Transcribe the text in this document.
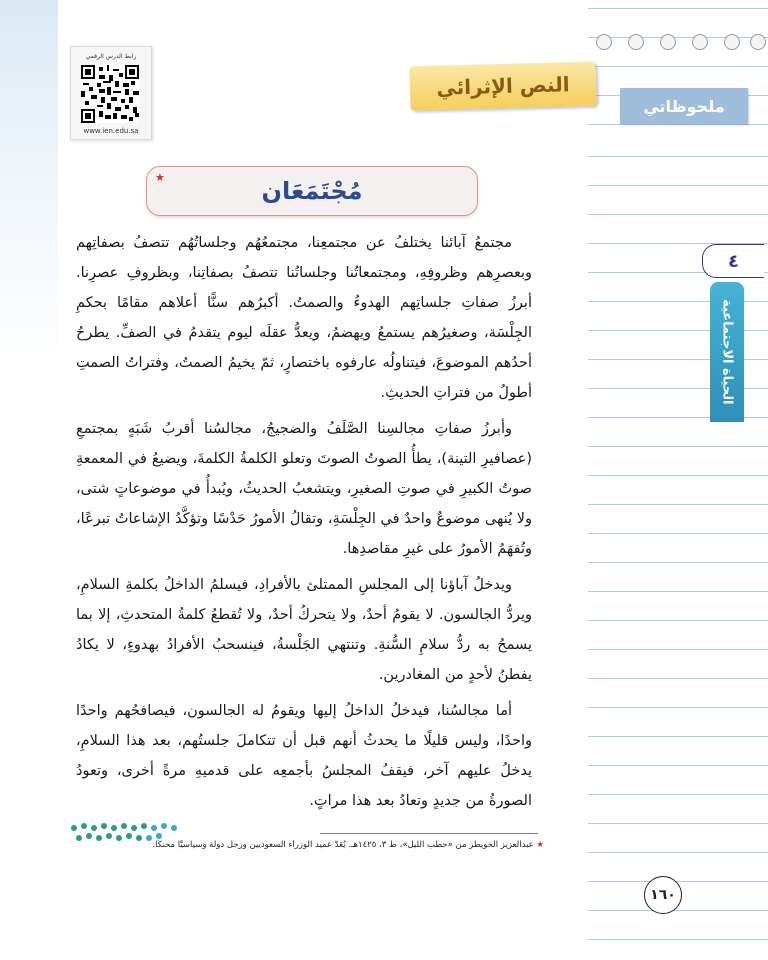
ملحوظاتي
٤
الحياة الاجتماعية
رابط الدرس الرقمي
www.ien.edu.sa
النص الإثرائي
★	مُجْتَمَعَان

مجتمعُ آبائنا يختلفُ عن مجتمعِنا، مجتمعُهُم وجلساتُهُم تتصفُ بصفاتِهم وبعصرِهم وظروفِهِ، ومجتمعاتُنا وجلساتُنا تتصفُ بصفاتِنا، وبظروفِ عصرِنا. أبرزُ صفاتِ جلساتِهم الهدوءُ والصمتُ. أكبرُهم سنًّا أعلاهم مقامًا بحكمِ الجِلْسَة، وصغيرُهم يستمعُ ويهضمُ، ويعدُّ عقلَه ليوم يتقدمُ في الصفِّ. يطرحُ أحدُهم الموضوعَ، فيتناولُه عارفوه باختصارٍ، ثمّ يخيمُ الصمتُ، وفتراتُ الصمتِ أطولُ من فتراتِ الحديثِ.

وأبرزُ صفاتِ مجالسِنا الصَّلَفُ والضجيجُ، مجالسُنا أقربُ شَبَهٍ بمجتمعِ (عصافيرِ التينة)، يطأُ الصوتُ الصوتَ وتعلو الكلمةُ الكلمةَ، ويضيعُ في المعمعةِ صوتُ الكبيرِ في صوتِ الصغيرِ، ويتشعبُ الحديثُ، ويُبدأُ في موضوعاتٍ شتى، ولا يُنهى موضوعٌ واحدٌ في الجِلْسَةِ، وتقالُ الأمورُ حَدْسًا وتؤكَّدُ الإشاعاتُ تبرعًا، وتُفهَمُ الأمورُ على غيرِ مقاصدِها.

ويدخلُ آباؤنا إلى المجلسِ الممتلئ بالأفرادِ، فيسلمُ الداخلُ بكلمةِ السلامِ، ويردُّ الجالسون. لا يقومُ أحدٌ، ولا يتحركُ أحدٌ، ولا تُقطعُ كلمةُ المتحدثِ، إلا بما يسمحُ به ردُّ سلامِ السُّنةِ. وتنتهي الجَلْسةُ، فينسحبُ الأفرادُ بهدوءٍ، لا يكادُ يفطنُ لأحدٍ من المغادرين.

أما مجالسُنا، فيدخلُ الداخلُ إليها ويقومُ له الجالسون، فيصافحُهم واحدًا واحدًا، وليس قليلًا ما يحدثُ أنهم قبل أن تتكاملَ جلستُهم، بعد هذا السلامِ، يدخلُ عليهم آخر، فيقفُ المجلسُ بأجمعِه على قدميهِ مرةً أخرى، وتعودُ الصورةُ من جديدٍ وتعادُ بعد هذا مراتٍ.

★ عبدالعزيز الخويطر من «حطب الليل»، ط ٣، ١٤٢٥هـ. يُعَدُّ عميد الوزراء السعوديين ورجل دولة وسياسيًّا محنكًا.
١٦٠
